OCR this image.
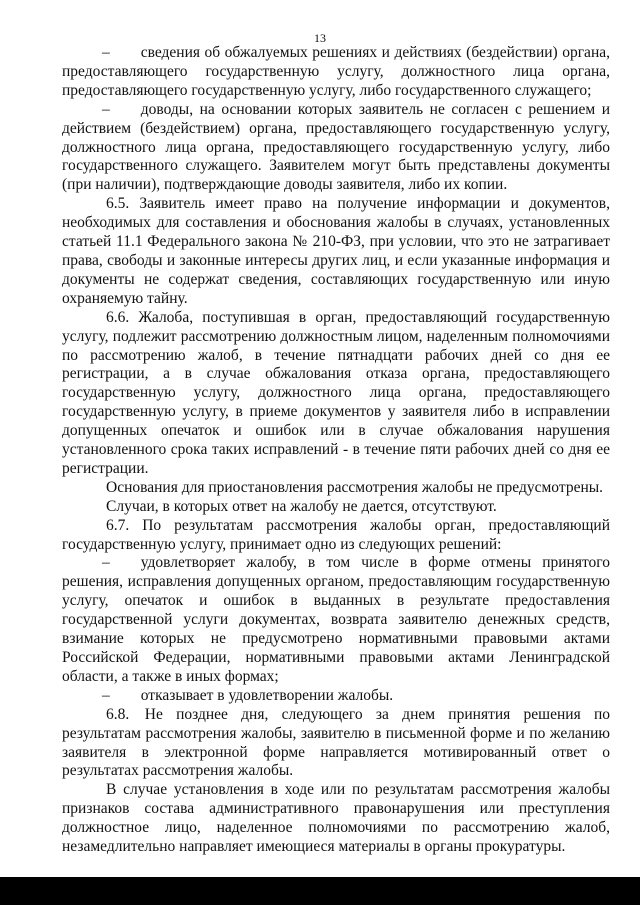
13

–  сведения об обжалуемых решениях и действиях (бездействии) органа, предоставляющего государственную услугу, должностного лица органа, предоставляющего государственную услугу, либо государственного служащего;

–  доводы, на основании которых заявитель не согласен с решением и действием (бездействием) органа, предоставляющего государственную услугу, должностного лица органа, предоставляющего государственную услугу, либо государственного служащего. Заявителем могут быть представлены документы (при наличии), подтверждающие доводы заявителя, либо их копии.

6.5. Заявитель имеет право на получение информации и документов, необходимых для составления и обоснования жалобы в случаях, установленных статьей 11.1 Федерального закона № 210-ФЗ, при условии, что это не затрагивает права, свободы и законные интересы других лиц, и если указанные информация и документы не содержат сведения, составляющих государственную или иную охраняемую тайну.

6.6. Жалоба, поступившая в орган, предоставляющий государственную услугу, подлежит рассмотрению должностным лицом, наделенным полномочиями по рассмотрению жалоб, в течение пятнадцати рабочих дней со дня ее регистрации, а в случае обжалования отказа органа, предоставляющего государственную услугу, должностного лица органа, предоставляющего государственную услугу, в приеме документов у заявителя либо в исправлении допущенных опечаток и ошибок или в случае обжалования нарушения установленного срока таких исправлений - в течение пяти рабочих дней со дня ее регистрации.

Основания для приостановления рассмотрения жалобы не предусмотрены.

Случаи, в которых ответ на жалобу не дается, отсутствуют.

6.7. По результатам рассмотрения жалобы орган, предоставляющий государственную услугу, принимает одно из следующих решений:

–  удовлетворяет жалобу, в том числе в форме отмены принятого решения, исправления допущенных органом, предоставляющим государственную услугу, опечаток и ошибок в выданных в результате предоставления государственной услуги документах, возврата заявителю денежных средств, взимание которых не предусмотрено нормативными правовыми актами Российской Федерации, нормативными правовыми актами Ленинградской области, а также в иных формах;

–  отказывает в удовлетворении жалобы.

6.8. Не позднее дня, следующего за днем принятия решения по результатам рассмотрения жалобы, заявителю в письменной форме и по желанию заявителя в электронной форме направляется мотивированный ответ о результатах рассмотрения жалобы.

В случае установления в ходе или по результатам рассмотрения жалобы признаков состава административного правонарушения или преступления должностное лицо, наделенное полномочиями по рассмотрению жалоб, незамедлительно направляет имеющиеся материалы в органы прокуратуры.
